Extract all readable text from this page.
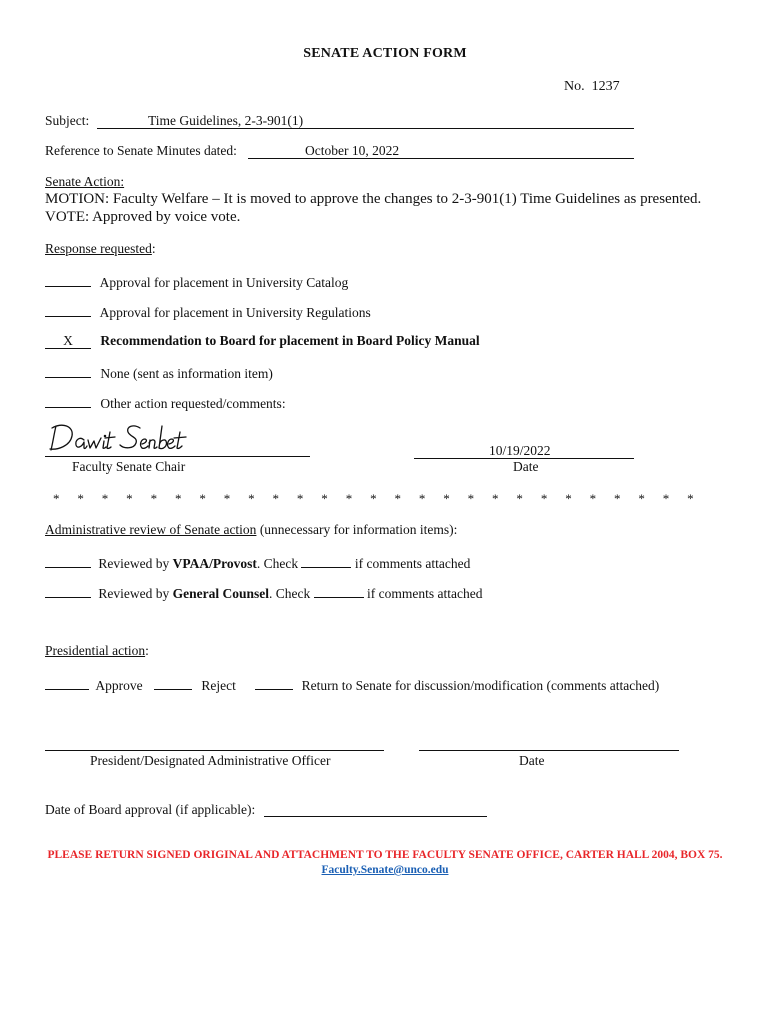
SENATE ACTION FORM
No. 1237
Subject:	Time Guidelines, 2-3-901(1)
Reference to Senate Minutes dated:	October 10, 2022
Senate Action:
MOTION: Faculty Welfare – It is moved to approve the changes to 2-3-901(1) Time Guidelines as presented.
VOTE: Approved by voice vote.
Response requested:
Approval for placement in University Catalog
Approval for placement in University Regulations
X Recommendation to Board for placement in Board Policy Manual
None (sent as information item)
Other action requested/comments:
Faculty Senate Chair
10/19/2022
Date
* * * * * * * * * * * * * * * * * * * * * * * * * * *
Administrative review of Senate action (unnecessary for information items):
Reviewed by VPAA/Provost. Check	if comments attached
Reviewed by General Counsel. Check	if comments attached
Presidential action:
Approve	Reject	Return to Senate for discussion/modification (comments attached)
President/Designated Administrative Officer	Date
Date of Board approval (if applicable):
PLEASE RETURN SIGNED ORIGINAL AND ATTACHMENT TO THE FACULTY SENATE OFFICE, CARTER HALL 2004, BOX 75.
Faculty.Senate@unco.edu
